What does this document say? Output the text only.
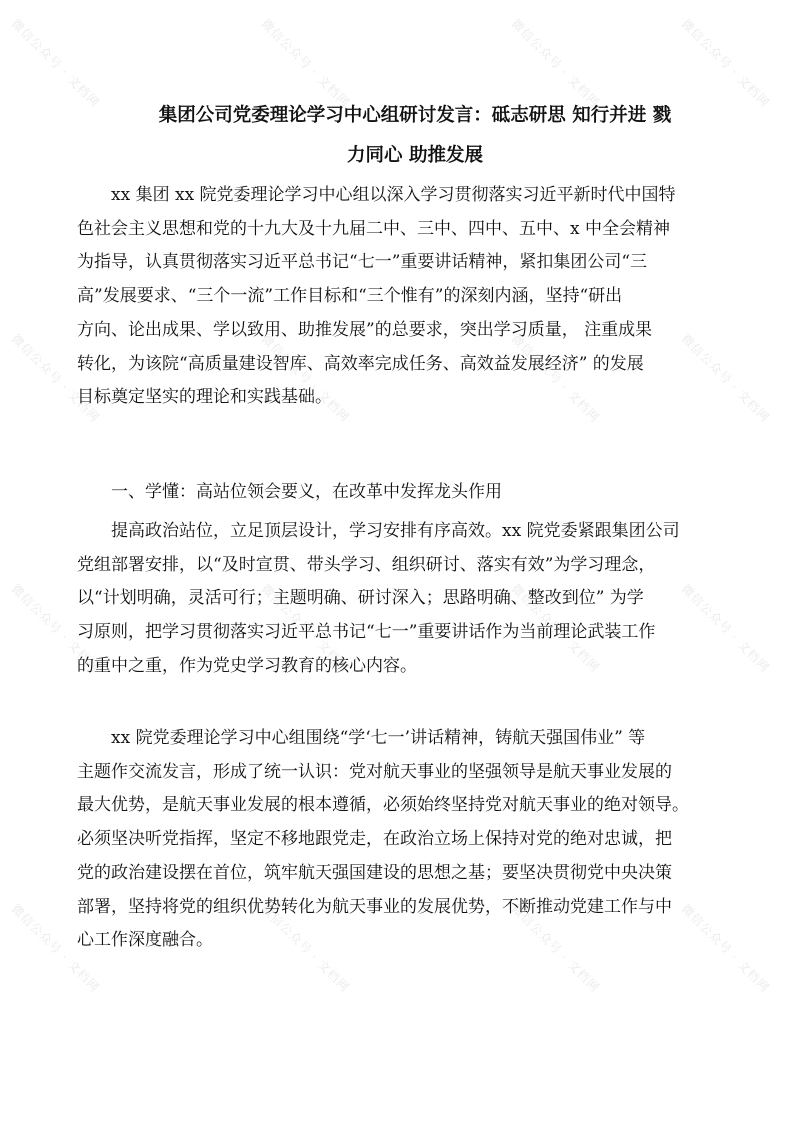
微信公众号 · 文档网	微信公众号 · 文档网	微信公众号 · 文档网	微信公众号 · 文档网
微信公众号 · 文档网	微信公众号 · 文档网	微信公众号 · 文档网	微信公众号 · 文档网
微信公众号 · 文档网	微信公众号 · 文档网	微信公众号 · 文档网	微信公众号 · 文档网
微信公众号 · 文档网	微信公众号 · 文档网	微信公众号 · 文档网	微信公众号 · 文档网
集团公司党委理论学习中心组研讨发言：砥志研思 知行并进 戮
力同心 助推发展

　　xx 集团 xx 院党委理论学习中心组以深入学习贯彻落实习近平新时代中国特
色社会主义思想和党的十九大及十九届二中、三中、四中、五中、x 中全会精神
为指导，认真贯彻落实习近平总书记“七一”重要讲话精神，紧扣集团公司“三
高”发展要求、“三个一流”工作目标和“三个惟有”的深刻内涵，坚持“研出
方向、论出成果、学以致用、助推发展”的总要求，突出学习质量， 注重成果
转化，为该院“高质量建设智库、高效率完成任务、高效益发展经济” 的发展
目标奠定坚实的理论和实践基础。

　　一、学懂：高站位领会要义，在改革中发挥龙头作用

　　提高政治站位，立足顶层设计，学习安排有序高效。xx 院党委紧跟集团公司
党组部署安排，以“及时宣贯、带头学习、组织研讨、落实有效”为学习理念，
以“计划明确，灵活可行；主题明确、研讨深入；思路明确、整改到位” 为学
习原则，把学习贯彻落实习近平总书记“七一”重要讲话作为当前理论武装工作
的重中之重，作为党史学习教育的核心内容。

　　xx 院党委理论学习中心组围绕“学‘七一’讲话精神，铸航天强国伟业” 等
主题作交流发言，形成了统一认识：党对航天事业的坚强领导是航天事业发展的
最大优势，是航天事业发展的根本遵循，必须始终坚持党对航天事业的绝对领导。
必须坚决听党指挥，坚定不移地跟党走，在政治立场上保持对党的绝对忠诚，把
党的政治建设摆在首位，筑牢航天强国建设的思想之基；要坚决贯彻党中央决策
部署，坚持将党的组织优势转化为航天事业的发展优势，不断推动党建工作与中
心工作深度融合。
